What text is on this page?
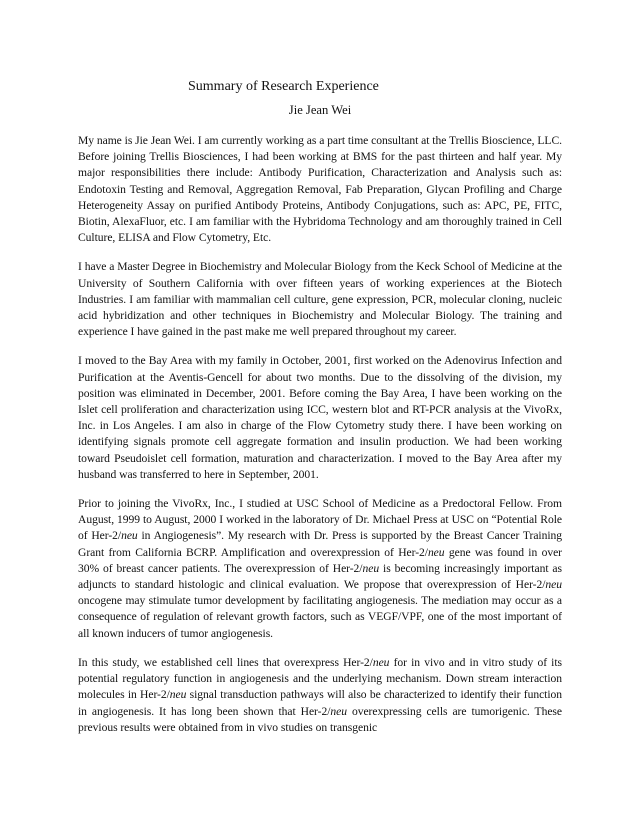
Summary of Research Experience
Jie Jean Wei

My name is Jie Jean Wei. I am currently working as a part time consultant at the Trellis Bioscience, LLC. Before joining Trellis Biosciences, I had been working at BMS for the past thirteen and half year. My major responsibilities there include: Antibody Purification, Characterization and Analysis such as: Endotoxin Testing and Removal, Aggregation Removal, Fab Preparation, Glycan Profiling and Charge Heterogeneity Assay on purified Antibody Proteins, Antibody Conjugations, such as: APC, PE, FITC, Biotin, AlexaFluor, etc. I am familiar with the Hybridoma Technology and am thoroughly trained in Cell Culture, ELISA and Flow Cytometry, Etc.

I have a Master Degree in Biochemistry and Molecular Biology from the Keck School of Medicine at the University of Southern California with over fifteen years of working experiences at the Biotech Industries. I am familiar with mammalian cell culture, gene expression, PCR, molecular cloning, nucleic acid hybridization and other techniques in Biochemistry and Molecular Biology. The training and experience I have gained in the past make me well prepared throughout my career.

I moved to the Bay Area with my family in October, 2001, first worked on the Adenovirus Infection and Purification at the Aventis-Gencell for about two months. Due to the dissolving of the division, my position was eliminated in December, 2001. Before coming the Bay Area, I have been working on the Islet cell proliferation and characterization using ICC, western blot and RT-PCR analysis at the VivoRx, Inc. in Los Angeles. I am also in charge of the Flow Cytometry study there. I have been working on identifying signals promote cell aggregate formation and insulin production. We had been working toward Pseudoislet cell formation, maturation and characterization. I moved to the Bay Area after my husband was transferred to here in September, 2001.

Prior to joining the VivoRx, Inc., I studied at USC School of Medicine as a Predoctoral Fellow. From August, 1999 to August, 2000 I worked in the laboratory of Dr. Michael Press at USC on “Potential Role of Her-2/neu in Angiogenesis”. My research with Dr. Press is supported by the Breast Cancer Training Grant from California BCRP. Amplification and overexpression of Her-2/neu gene was found in over 30% of breast cancer patients. The overexpression of Her-2/neu is becoming increasingly important as adjuncts to standard histologic and clinical evaluation. We propose that overexpression of Her-2/neu oncogene may stimulate tumor development by facilitating angiogenesis. The mediation may occur as a consequence of regulation of relevant growth factors, such as VEGF/VPF, one of the most important of all known inducers of tumor angiogenesis.

In this study, we established cell lines that overexpress Her-2/neu for in vivo and in vitro study of its potential regulatory function in angiogenesis and the underlying mechanism. Down stream interaction molecules in Her-2/neu signal transduction pathways will also be characterized to identify their function in angiogenesis. It has long been shown that Her-2/neu overexpressing cells are tumorigenic. These previous results were obtained from in vivo studies on transgenic
